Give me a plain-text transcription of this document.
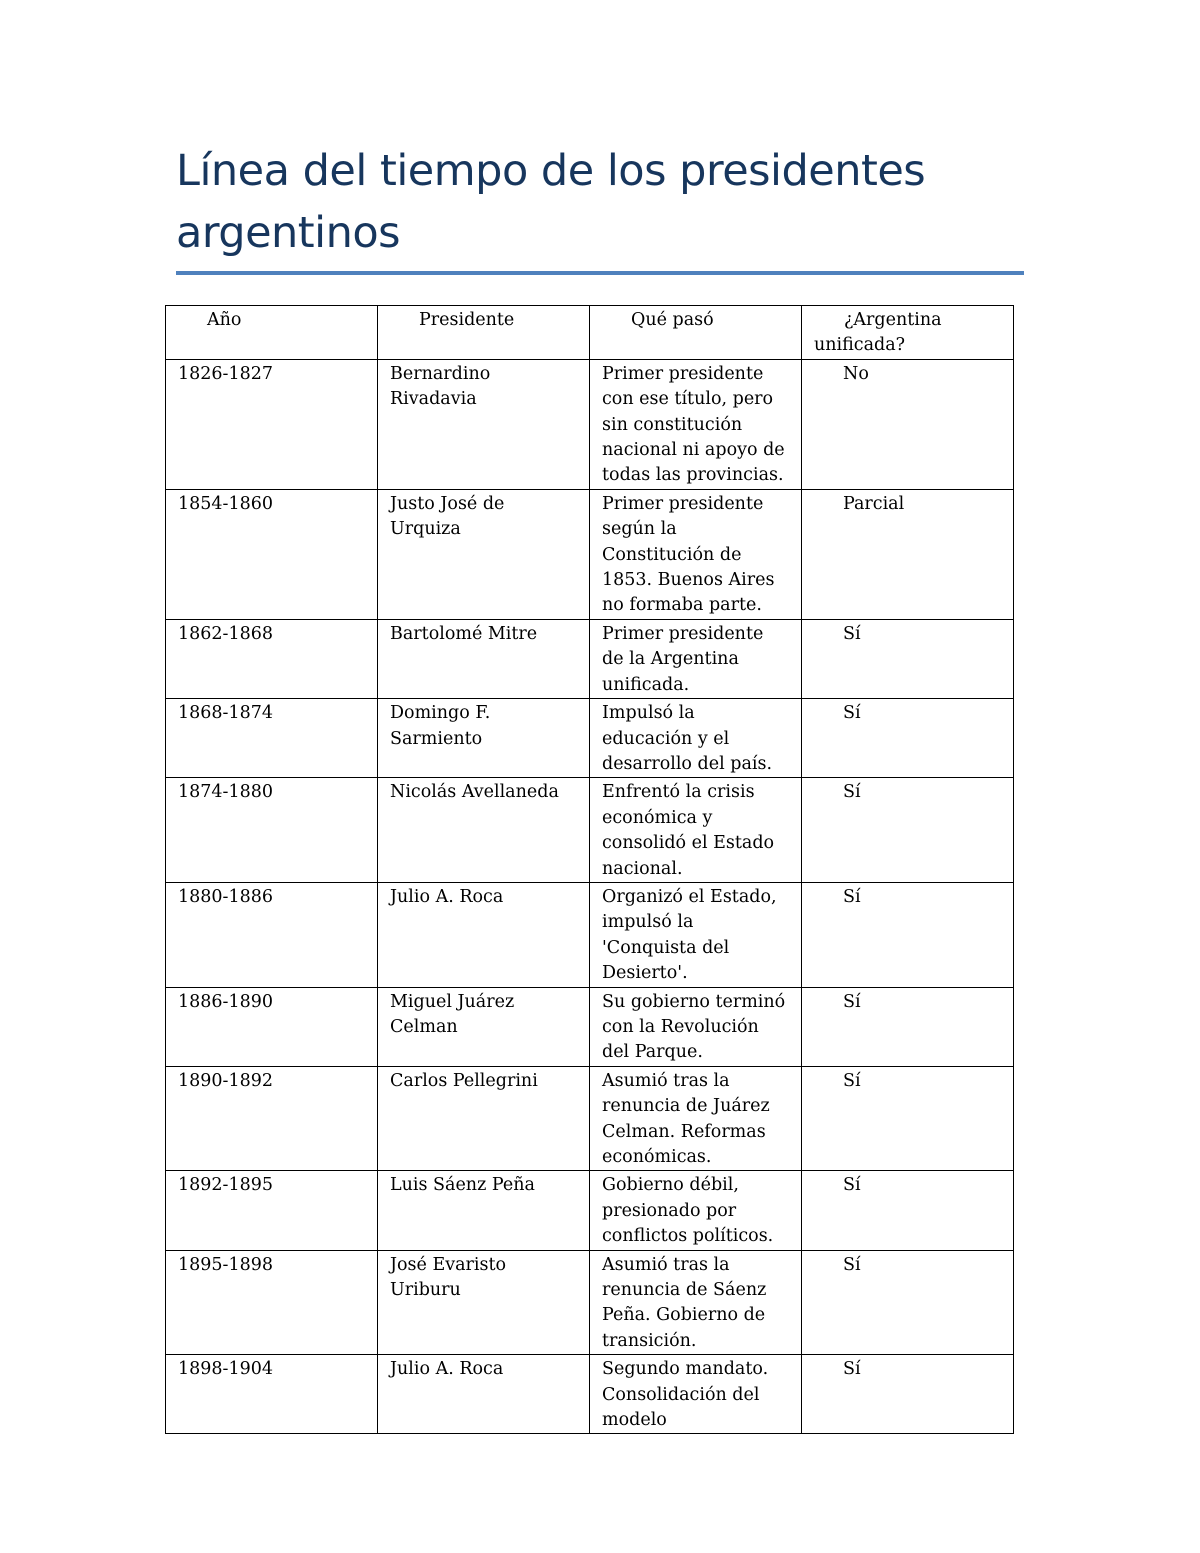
Línea del tiempo de los presidentes argentinos
Año	Presidente	Qué pasó	¿Argentina unificada?
1826-1827	Bernardino Rivadavia	Primer presidente con ese título, pero sin constitución nacional ni apoyo de todas las provincias.	No
1854-1860	Justo José de Urquiza	Primer presidente según la Constitución de 1853. Buenos Aires no formaba parte.	Parcial
1862-1868	Bartolomé Mitre	Primer presidente de la Argentina unificada.	Sí
1868-1874	Domingo F. Sarmiento	Impulsó la educación y el desarrollo del país.	Sí
1874-1880	Nicolás Avellaneda	Enfrentó la crisis económica y consolidó el Estado nacional.	Sí
1880-1886	Julio A. Roca	Organizó el Estado, impulsó la 'Conquista del Desierto'.	Sí
1886-1890	Miguel Juárez Celman	Su gobierno terminó con la Revolución del Parque.	Sí
1890-1892	Carlos Pellegrini	Asumió tras la renuncia de Juárez Celman. Reformas económicas.	Sí
1892-1895	Luis Sáenz Peña	Gobierno débil, presionado por conflictos políticos.	Sí
1895-1898	José Evaristo Uriburu	Asumió tras la renuncia de Sáenz Peña. Gobierno de transición.	Sí
1898-1904	Julio A. Roca	Segundo mandato. Consolidación del modelo	Sí
